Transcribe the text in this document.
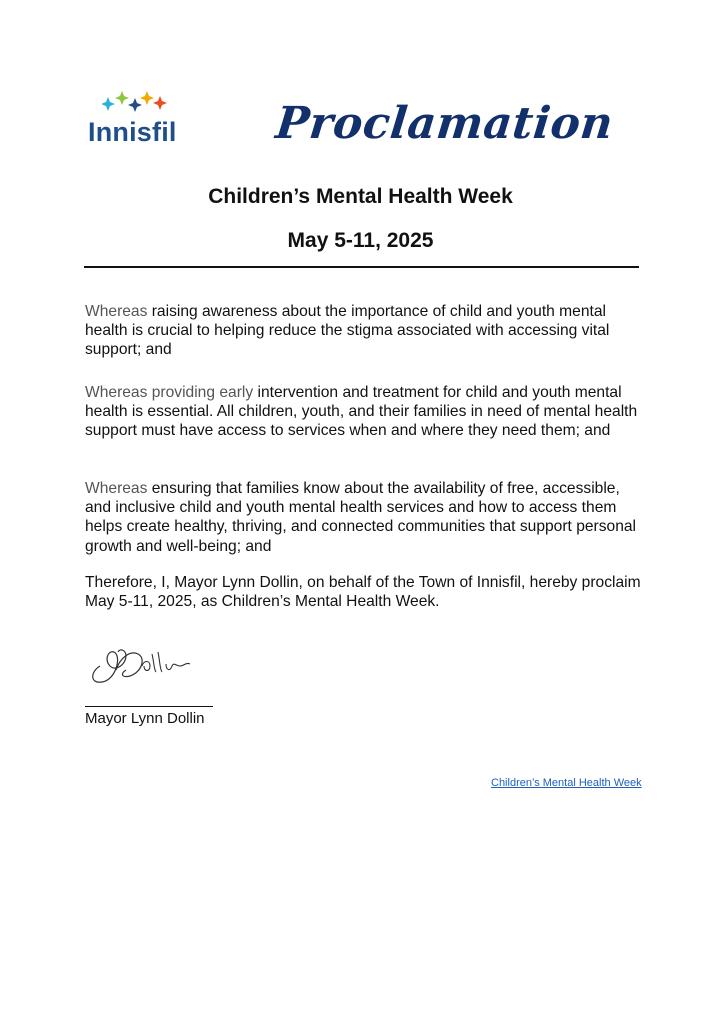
Innisfil Proclamation
Children’s Mental Health Week
May 5-11, 2025
Whereas raising awareness about the importance of child and youth mental health is crucial to helping reduce the stigma associated with accessing vital support; and
Whereas providing early intervention and treatment for child and youth mental health is essential. All children, youth, and their families in need of mental health support must have access to services when and where they need them; and
Whereas ensuring that families know about the availability of free, accessible, and inclusive child and youth mental health services and how to access them helps create healthy, thriving, and connected communities that support personal growth and well-being; and
Therefore, I, Mayor Lynn Dollin, on behalf of the Town of Innisfil, hereby proclaim May 5-11, 2025, as Children’s Mental Health Week.
Mayor Lynn Dollin
Children’s Mental Health Week
